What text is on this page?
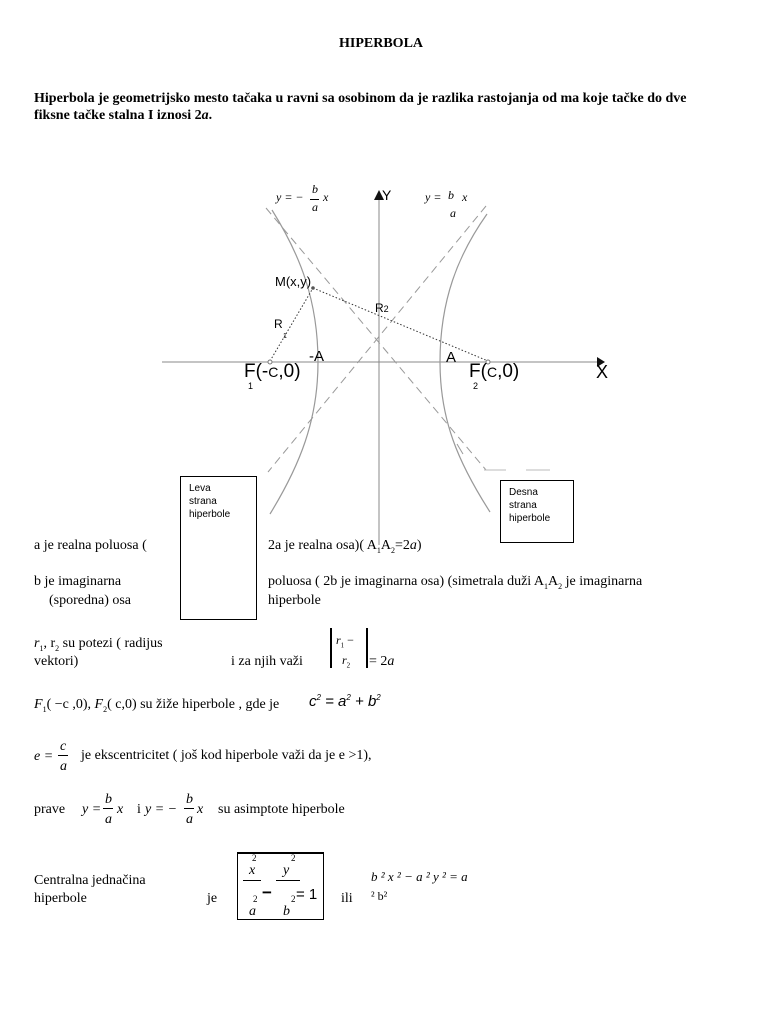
HIPERBOLA
Hiperbola je geometrijsko mesto tačaka u ravni sa osobinom da je razlika rastojanja od ma koje tačke do dve
fiksne tačke stalna I iznosi 2a.
y = −
b
a
x	y = b
a
x
Y
X
M(x,y)
R
1
R2
-A	A
F(-C,0)
1
F(C,0)
2
Leva
strana
hiperbole
Desna
strana
hiperbole
a je realna poluosa (	2a je realna osa)( $A_1A_2=2a$)
b je imaginarna
(sporedna) osa
poluosa ( 2b je imaginarna osa) (simetrala duži $A_1A_2$ je imaginarna
hiperbole
$r_1$, $r_2$ su potezi ( radijus
vektori)	i za njih važi
$r_1$ −
$r_2 = 2a$
$F_1( -c$ ,0), $F_2$( c,0) su žiže hiperbole , gde je $c^2 = a^2 + b^2$
e =
c
a
je ekscentricitet ( još kod hiperbole važi da je e >1),
prave y =
b
a
x i y = −
b
a
x su asimptote hiperbole
Centralna jednačina
hiperbole	je
2
x
2
y
2
a
− 2
b
= 1 ili
b ² x ² − a ² y ² = a
² b²
